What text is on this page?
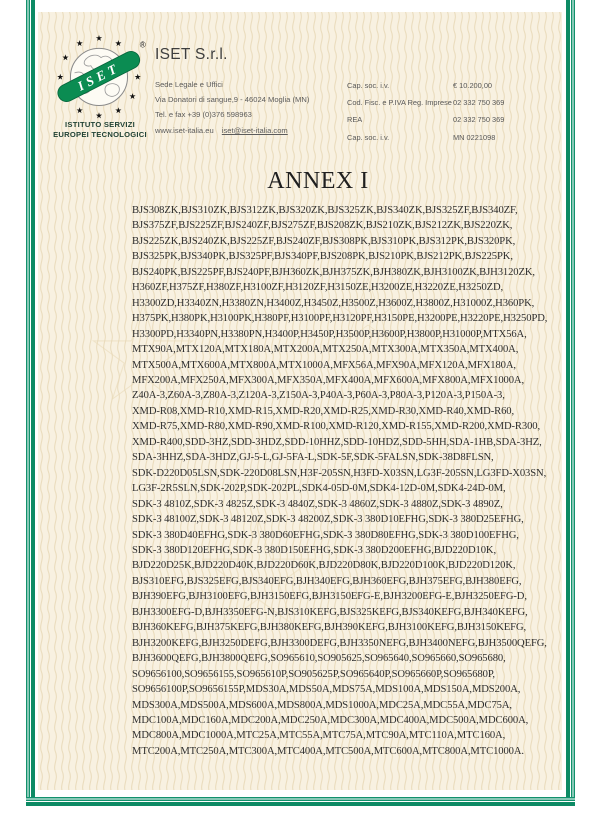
ISET
®
ISTITUTO SERVIZI
EUROPEI TECNOLOGICI
ISET S.r.l.
Sede Legale e Uffici
Via Donatori di sangue,9 - 46024 Moglia (MN)
Tel. e fax +39 (0)376 598963
www.iset-italia.eu iset@iset-italia.com
Cap. soc. i.v.	€ 10.200,00
Cod. Fisc. e P.IVA Reg. Imprese 02 332 750 369
REA	02 332 750 369
Cap. soc. i.v.	MN 0221098
ANNEX I
BJS308ZK,BJS310ZK,BJS312ZK,BJS320ZK,BJS325ZK,BJS340ZK,BJS325ZF,BJS340ZF,
BJS375ZF,BJS225ZF,BJS240ZF,BJS275ZF,BJS208ZK,BJS210ZK,BJS212ZK,BJS220ZK,
BJS225ZK,BJS240ZK,BJS225ZF,BJS240ZF,BJS308PK,BJS310PK,BJS312PK,BJS320PK,
BJS325PK,BJS340PK,BJS325PF,BJS340PF,BJS208PK,BJS210PK,BJS212PK,BJS225PK,
BJS240PK,BJS225PF,BJS240PF,BJH360ZK,BJH375ZK,BJH380ZK,BJH3100ZK,BJH3120ZK,
H360ZF,H375ZF,H380ZF,H3100ZF,H3120ZF,H3150ZE,H3200ZE,H3220ZE,H3250ZD,
H3300ZD,H3340ZN,H3380ZN,H3400Z,H3450Z,H3500Z,H3600Z,H3800Z,H31000Z,H360PK,
H375PK,H380PK,H3100PK,H380PF,H3100PF,H3120PF,H3150PE,H3200PE,H3220PE,H3250PD,
H3300PD,H3340PN,H3380PN,H3400P,H3450P,H3500P,H3600P,H3800P,H31000P,MTX56A,
MTX90A,MTX120A,MTX180A,MTX200A,MTX250A,MTX300A,MTX350A,MTX400A,
MTX500A,MTX600A,MTX800A,MTX1000A,MFX56A,MFX90A,MFX120A,MFX180A,
MFX200A,MFX250A,MFX300A,MFX350A,MFX400A,MFX600A,MFX800A,MFX1000A,
Z40A-3,Z60A-3,Z80A-3,Z120A-3,Z150A-3,P40A-3,P60A-3,P80A-3,P120A-3,P150A-3,
XMD-R08,XMD-R10,XMD-R15,XMD-R20,XMD-R25,XMD-R30,XMD-R40,XMD-R60,
XMD-R75,XMD-R80,XMD-R90,XMD-R100,XMD-R120,XMD-R155,XMD-R200,XMD-R300,
XMD-R400,SDD-3HZ,SDD-3HDZ,SDD-10HHZ,SDD-10HDZ,SDD-5HH,SDA-1HB,SDA-3HZ,
SDA-3HHZ,SDA-3HDZ,GJ-5-L,GJ-5FA-L,SDK-5F,SDK-5FALSN,SDK-38D8FLSN,
SDK-D220D05LSN,SDK-220D08LSN,H3F-205SN,H3FD-X03SN,LG3F-205SN,LG3FD-X03SN,
LG3F-2R5SLN,SDK-202P,SDK-202PL,SDK4-05D-0M,SDK4-12D-0M,SDK4-24D-0M,
SDK-3 4810Z,SDK-3 4825Z,SDK-3 4840Z,SDK-3 4860Z,SDK-3 4880Z,SDK-3 4890Z,
SDK-3 48100Z,SDK-3 48120Z,SDK-3 48200Z,SDK-3 380D10EFHG,SDK-3 380D25EFHG,
SDK-3 380D40EFHG,SDK-3 380D60EFHG,SDK-3 380D80EFHG,SDK-3 380D100EFHG,
SDK-3 380D120EFHG,SDK-3 380D150EFHG,SDK-3 380D200EFHG,BJD220D10K,
BJD220D25K,BJD220D40K,BJD220D60K,BJD220D80K,BJD220D100K,BJD220D120K,
BJS310EFG,BJS325EFG,BJS340EFG,BJH340EFG,BJH360EFG,BJH375EFG,BJH380EFG,
BJH390EFG,BJH3100EFG,BJH3150EFG,BJH3150EFG-E,BJH3200EFG-E,BJH3250EFG-D,
BJH3300EFG-D,BJH3350EFG-N,BJS310KEFG,BJS325KEFG,BJS340KEFG,BJH340KEFG,
BJH360KEFG,BJH375KEFG,BJH380KEFG,BJH390KEFG,BJH3100KEFG,BJH3150KEFG,
BJH3200KEFG,BJH3250DEFG,BJH3300DEFG,BJH3350NEFG,BJH3400NEFG,BJH3500QEFG,
BJH3600QEFG,BJH3800QEFG,SO965610,SO905625,SO965640,SO965660,SO965680,
SO9656100,SO9656155,SO965610P,SO905625P,SO965640P,SO965660P,SO965680P,
SO9656100P,SO9656155P,MDS30A,MDS50A,MDS75A,MDS100A,MDS150A,MDS200A,
MDS300A,MDS500A,MDS600A,MDS800A,MDS1000A,MDC25A,MDC55A,MDC75A,
MDC100A,MDC160A,MDC200A,MDC250A,MDC300A,MDC400A,MDC500A,MDC600A,
MDC800A,MDC1000A,MTC25A,MTC55A,MTC75A,MTC90A,MTC110A,MTC160A,
MTC200A,MTC250A,MTC300A,MTC400A,MTC500A,MTC600A,MTC800A,MTC1000A.
